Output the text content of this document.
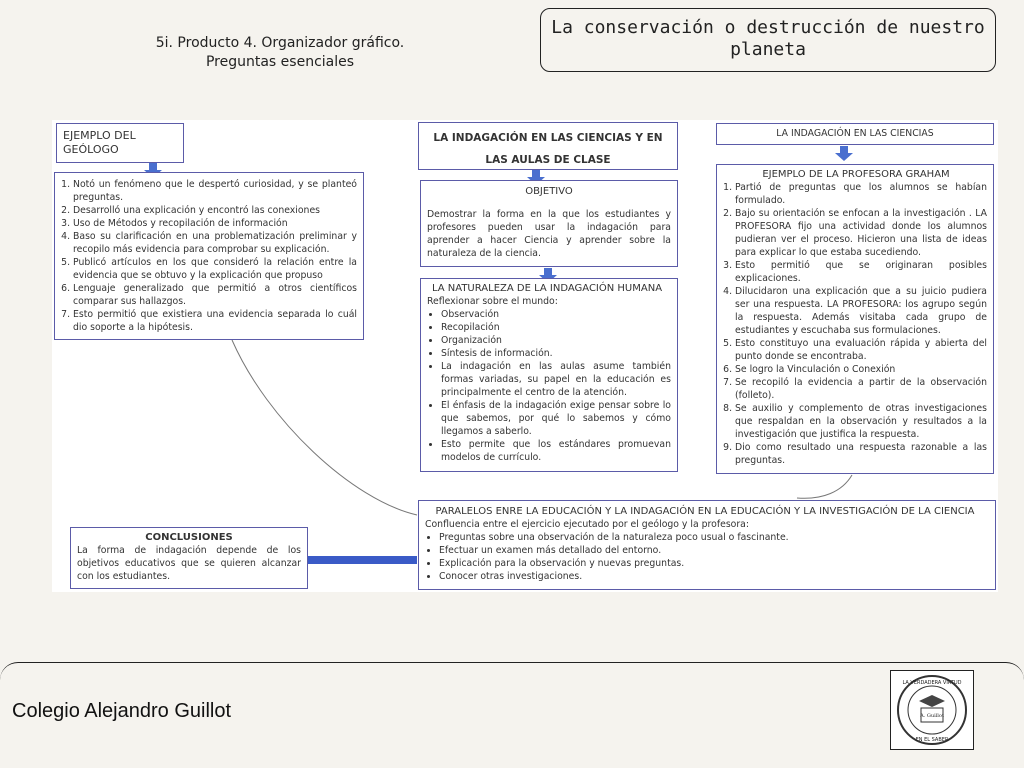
5i. Producto 4. Organizador gráfico.
Preguntas esenciales
La conservación o destrucción de nuestro planeta
EJEMPLO DEL GEÓLOGO
1. Notó un fenómeno que le despertó curiosidad, y se planteó preguntas.
2. Desarrolló una explicación y encontró las conexiones
3. Uso de Métodos y recopilación de información
4. Baso su clarificación en una problematización preliminar y recopilo más evidencia para comprobar su explicación.
5. Publicó artículos en los que consideró la relación entre la evidencia que se obtuvo y la explicación que propuso
6. Lenguaje generalizado que permitió a otros científicos comparar sus hallazgos.
7. Esto permitió que existiera una evidencia separada lo cuál dio soporte a la hipótesis.
LA INDAGACIÓN EN LAS CIENCIAS Y EN LAS AULAS DE CLASE
OBJETIVO
Demostrar la forma en la que los estudiantes y profesores pueden usar la indagación para aprender a hacer Ciencia y aprender sobre la naturaleza de la ciencia.
LA NATURALEZA DE LA INDAGACIÓN HUMANA
Reflexionar sobre el mundo:
• Observación
• Recopilación
• Organización
• Síntesis de información.
• La indagación en las aulas asume también formas variadas, su papel en la educación es principalmente el centro de la atención.
• El énfasis de la indagación exige pensar sobre lo que sabemos, por qué lo sabemos y cómo llegamos a saberlo.
• Esto permite que los estándares promuevan modelos de currículo.
LA INDAGACIÓN EN LAS CIENCIAS
EJEMPLO DE LA PROFESORA GRAHAM
1. Partió de preguntas que los alumnos se habían formulado.
2. Bajo su orientación se enfocan a la investigación . LA PROFESORA fijo una actividad donde los alumnos pudieran ver el proceso. Hicieron una lista de ideas para explicar lo que estaba sucediendo.
3. Esto permitió que se originaran posibles explicaciones.
4. Dilucidaron una explicación que a su juicio pudiera ser una respuesta. LA PROFESORA: los agrupo según la respuesta. Además visitaba cada grupo de estudiantes y escuchaba sus formulaciones.
5. Esto constituyo una evaluación rápida y abierta del punto donde se encontraba.
6. Se logro la Vinculación o Conexión
7. Se recopiló la evidencia a partir de la observación (folleto).
8. Se auxilio y complemento de otras investigaciones que respaldan en la observación y resultados a la investigación que justifica la respuesta.
9. Dio como resultado una respuesta razonable a las preguntas.
PARALELOS ENRE LA EDUCACIÓN Y LA INDAGACIÓN EN LA EDUCACIÓN Y LA INVESTIGACIÓN DE LA CIENCIA
Confluencia entre el ejercicio ejecutado por el geólogo y la profesora:
• Preguntas sobre una observación de la naturaleza poco usual o fascinante.
• Efectuar un examen más detallado del entorno.
• Explicación para la observación y nuevas preguntas.
• Conocer otras investigaciones.
CONCLUSIONES
La forma de indagación depende de los objetivos educativos que se quieren alcanzar con los estudiantes.
Colegio Alejandro Guillot
LA VERDADERA VIRTUD
A. Guillot
EN EL SABER
